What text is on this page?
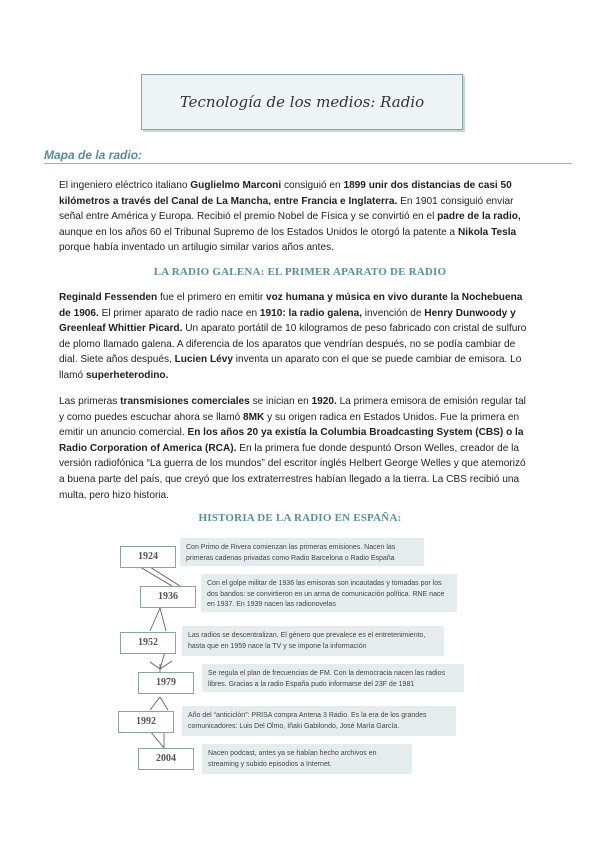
Tecnología de los medios: Radio
Mapa de la radio:

El ingeniero eléctrico italiano Guglielmo Marconi consiguió en 1899 unir dos distancias de casi 50 kilómetros a través del Canal de La Mancha, entre Francia e Inglaterra. En 1901 consiguió enviar señal entre América y Europa. Recibió el premio Nobel de Física y se convirtió en el padre de la radio, aunque en los años 60 el Tribunal Supremo de los Estados Unidos le otorgó la patente a Nikola Tesla porque había inventado un artilugio similar varios años antes.

LA RADIO GALENA: EL PRIMER APARATO DE RADIO

Reginald Fessenden fue el primero en emitir voz humana y música en vivo durante la Nochebuena de 1906. El primer aparato de radio nace en 1910: la radio galena, invención de Henry Dunwoody y Greenleaf Whittier Picard. Un aparato portátil de 10 kilogramos de peso fabricado con cristal de sulfuro de plomo llamado galena. A diferencia de los aparatos que vendrían después, no se podía cambiar de dial. Siete años después, Lucien Lévy inventa un aparato con el que se puede cambiar de emisora. Lo llamó superheterodino.

Las primeras transmisiones comerciales se inician en 1920. La primera emisora de emisión regular tal y como puedes escuchar ahora se llamó 8MK y su origen radica en Estados Unidos. Fue la primera en emitir un anuncio comercial. En los años 20 ya existía la Columbia Broadcasting System (CBS) o la Radio Corporation of America (RCA). En la primera fue donde despuntó Orson Welles, creador de la versión radiofónica “La guerra de los mundos” del escritor inglés Helbert George Welles y que atemorizó a buena parte del país, que creyó que los extraterrestres habían llegado a la tierra. La CBS recibió una multa, pero hizo historia.

HISTORIA DE LA RADIO EN ESPAÑA:
1924
Con Primo de Rivera comienzan las primeras emisiones. Nacen las primeras cadenas privadas como Radio Barcelona o Radio España
1936
Con el golpe militar de 1936 las emisoras son incautadas y tomadas por los dos bandos: se convirtieron en un arma de comunicación política. RNE nace en 1937. En 1939 nacen las radionovelas
1952
Las radios se descentralizan. El género que prevalece es el entretenimiento, hasta que en 1959 nace la TV y se impone la información
1979
Se regula el plan de frecuencias de FM. Con la democracia nacen las radios libres. Gracias a la radio España pudo informarse del 23F de 1981
1992
Año del “anticiclón”: PRISA compra Antena 3 Radio. Es la era de los grandes comunicadores: Luis Del Olmo, Iñaki Gabilondo, José María García.
2004	Nacen podcast, antes ya se habían hecho archivos en streaming y subido episodios a Internet.
